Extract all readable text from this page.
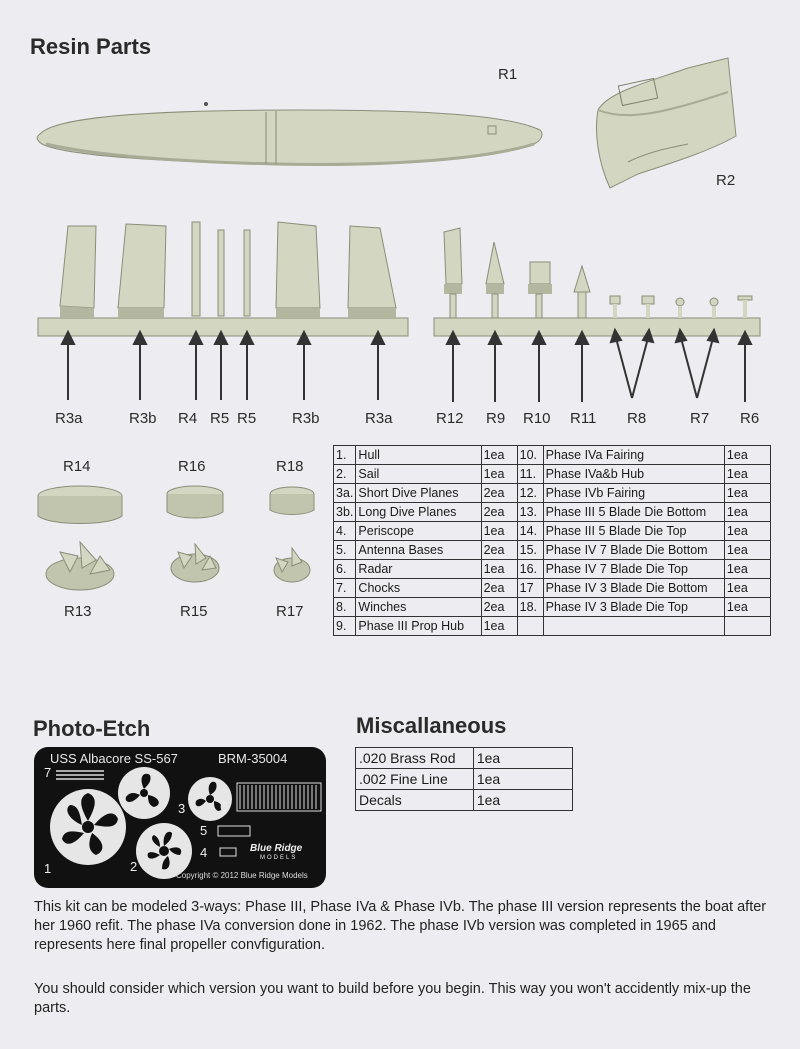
Resin Parts
R1
R2
R3a	R3b R4 R5 R5 R3b	R3a	R12 R9 R10 R11 R8	R7 R6
R14	R16	R18
R13	R15	R17
1.	Hull	1ea	10.	Phase IVa Fairing	1ea
2.	Sail	1ea	11.	Phase IVa&b Hub	1ea
3a.	Short Dive Planes	2ea	12.	Phase IVb Fairing	1ea
3b.	Long Dive Planes	2ea	13.	Phase III 5 Blade Die Bottom	1ea
4.	Periscope	1ea	14.	Phase III 5 Blade Die Top	1ea
5.	Antenna Bases	2ea	15.	Phase IV 7 Blade Die Bottom	1ea
6.	Radar	1ea	16.	Phase IV 7 Blade Die Top	1ea
7.	Chocks	2ea	17	Phase IV 3 Blade Die Bottom	1ea
8.	Winches	2ea	18.	Phase IV 3 Blade Die Top	1ea
9.	Phase III Prop Hub	1ea			
Photo-Etch
USS Albacore SS-567	BRM-35004
7
3	6
5
4
1	2
Blue Ridge
MODELS
Copyright © 2012 Blue Ridge Models
Miscallaneous
.020 Brass Rod	1ea
.002 Fine Line	1ea
Decals	1ea

This kit can be modeled 3-ways: Phase III, Phase IVa & Phase IVb. The phase III version represents the boat after her 1960 refit. The phase IVa conversion done in 1962. The phase IVb version was completed in 1965 and represents here final propeller convfiguration.

You should consider which version you want to build before you begin. This way you won't accidently mix-up the parts.
